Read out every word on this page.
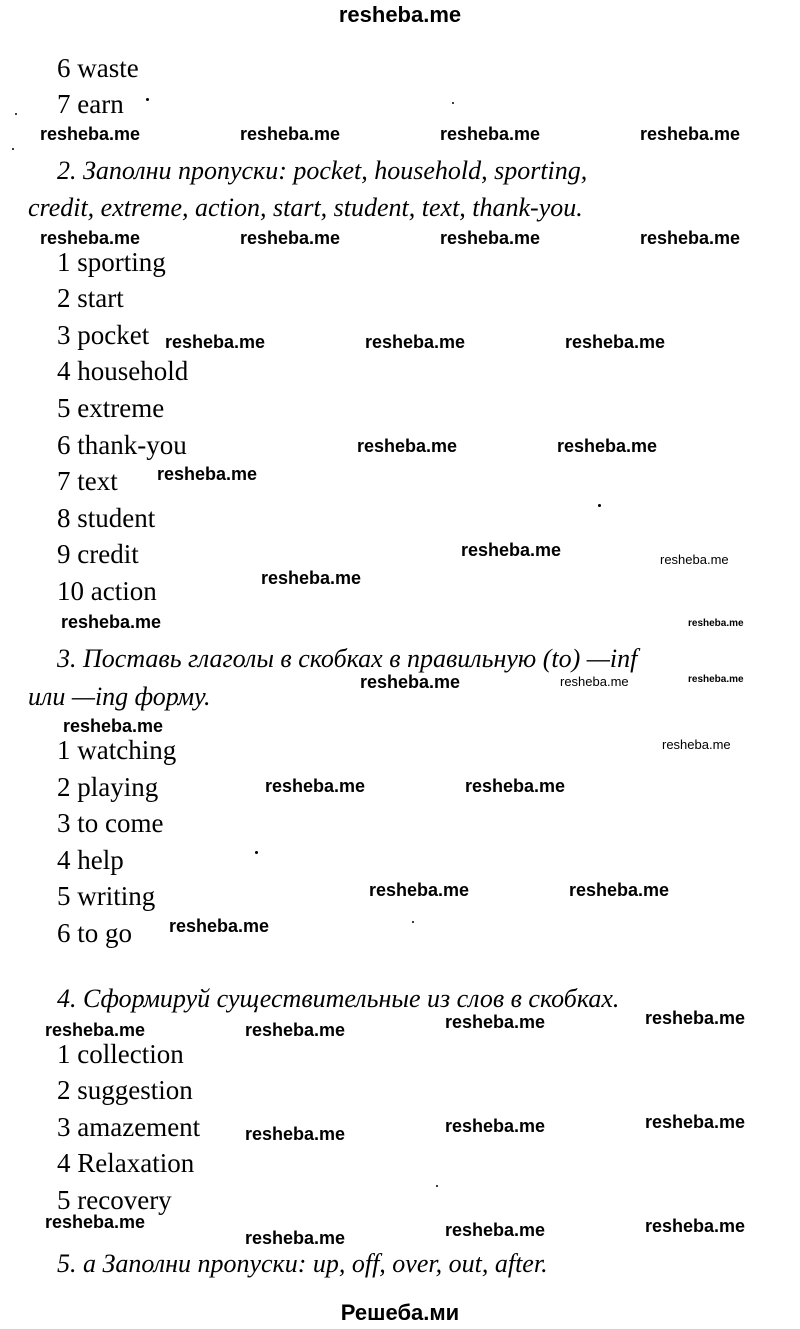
resheba.me
Решеба.ми
6 waste
7 earn
2. Заполни пропуски: pocket, household, sporting,
credit, extreme, action, start, student, text, thank-you.
1 sporting
2 start
3 pocket
4 household
5 extreme
6 thank-you
7 text
8 student
9 credit
10 action
3. Поставь глаголы в скобках в правильную (to) —inf
или —ing форму.
1 watching
2 playing
3 to come
4 help
5 writing
6 to go
4. Сформируй существительные из слов в скобках.
1 collection
2 suggestion
3 amazement
4 Relaxation
5 recovery
5. а Заполни пропуски: up, off, over, out, after.
resheba.me	resheba.me	resheba.me	resheba.me
resheba.me	resheba.me	resheba.me	resheba.me
resheba.me	resheba.me	resheba.me
resheba.me	resheba.me
resheba.me
resheba.me
resheba.me
resheba.me
resheba.me
resheba.me
resheba.me	resheba.me
resheba.me	resheba.me
resheba.me
resheba.me
resheba.me
resheba.me	resheba.me
resheba.me
resheba.me
resheba.me
resheba.me	resheba.me
resheba.me
resheba.me
resheba.me
resheba.me
resheba.me
resheba.me
resheba.me
